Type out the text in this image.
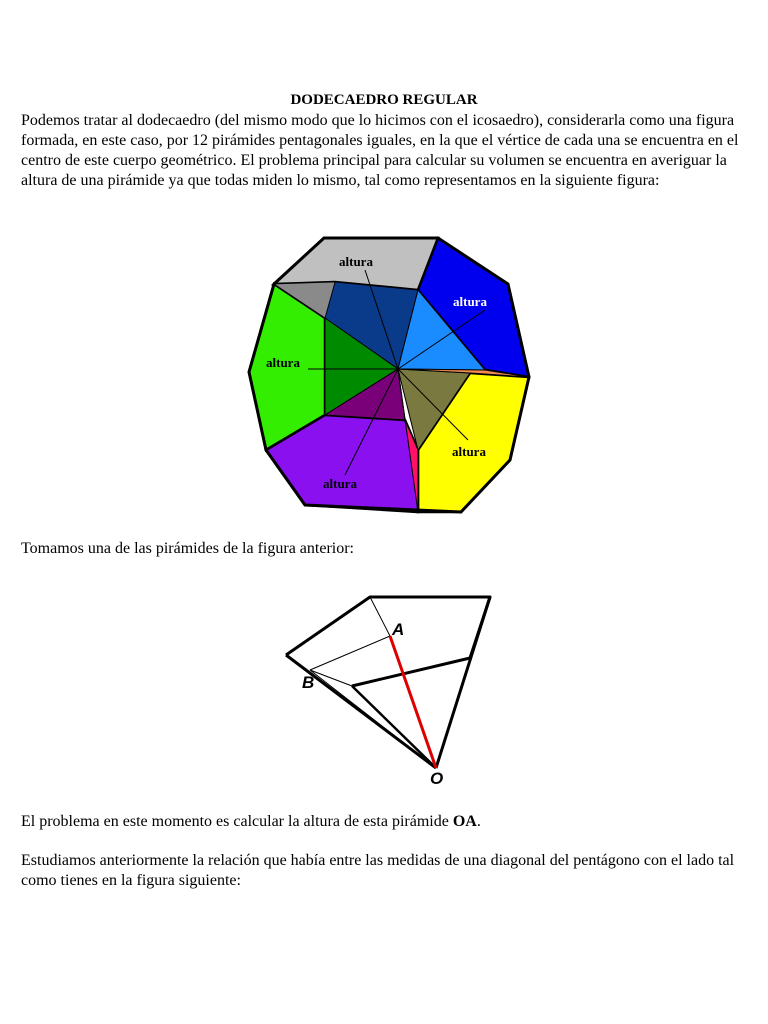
DODECAEDRO REGULAR

Podemos tratar al dodecaedro (del mismo modo que lo hicimos con el icosaedro), considerarla como una figura formada, en este caso, por 12 pirámides pentagonales iguales, en la que el vértice de cada una se encuentra en el centro de este cuerpo geométrico. El problema principal para calcular su volumen se encuentra en averiguar la altura de una pirámide ya que todas miden lo mismo, tal como representamos en la siguiente figura:

altura
altura
altura
altura
altura

Tomamos una de las pirámides de la figura anterior:

A
B
O

El problema en este momento es calcular la altura de esta pirámide OA.

Estudiamos anteriormente la relación que había entre las medidas de una diagonal del pentágono con el lado tal como tienes en la figura siguiente:
